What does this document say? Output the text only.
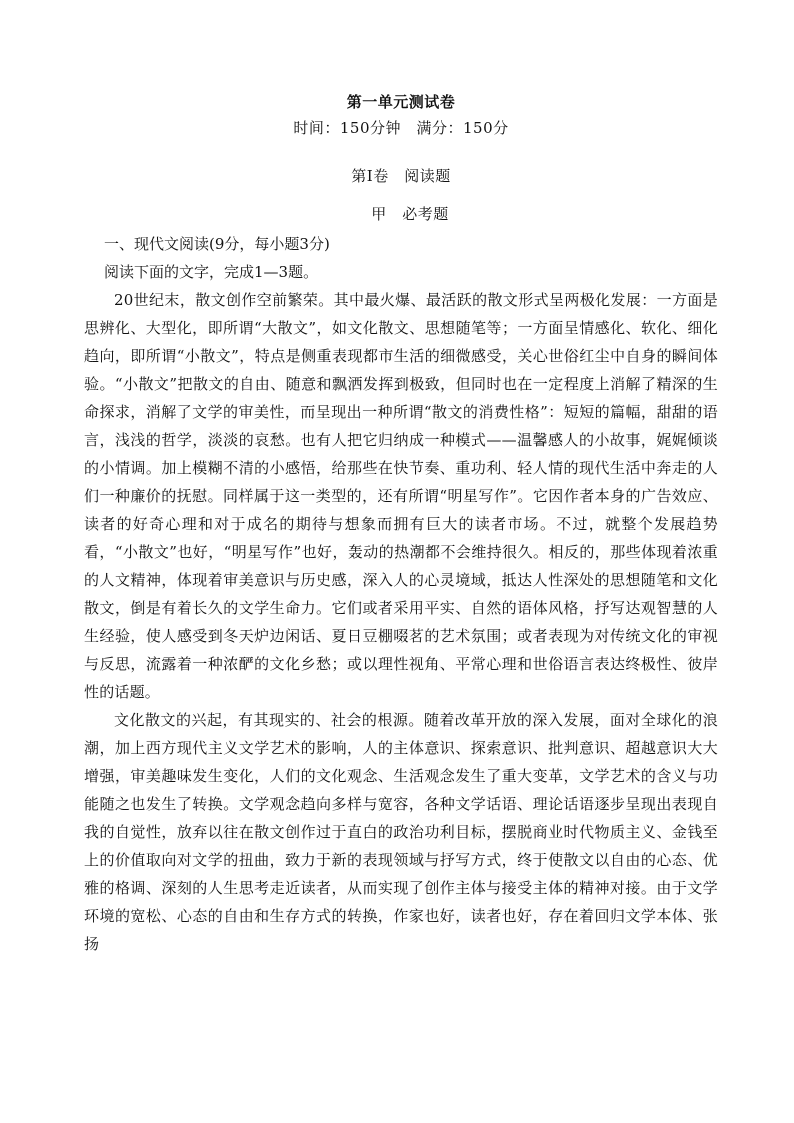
第一单元测试卷
时间：150分钟　满分：150分
第Ⅰ卷　阅读题
甲　必考题
一、现代文阅读(9分，每小题3分)
阅读下面的文字，完成1—3题。

20世纪末，散文创作空前繁荣。其中最火爆、最活跃的散文形式呈两极化发展：一方面是思辨化、大型化，即所谓“大散文”，如文化散文、思想随笔等；一方面呈情感化、软化、细化趋向，即所谓“小散文”，特点是侧重表现都市生活的细微感受，关心世俗红尘中自身的瞬间体验。“小散文”把散文的自由、随意和飘洒发挥到极致，但同时也在一定程度上消解了精深的生命探求，消解了文学的审美性，而呈现出一种所谓“散文的消费性格”：短短的篇幅，甜甜的语言，浅浅的哲学，淡淡的哀愁。也有人把它归纳成一种模式——温馨感人的小故事，娓娓倾谈的小情调。加上模糊不清的小感悟，给那些在快节奏、重功利、轻人情的现代生活中奔走的人们一种廉价的抚慰。同样属于这一类型的，还有所谓“明星写作”。它因作者本身的广告效应、读者的好奇心理和对于成名的期待与想象而拥有巨大的读者市场。不过，就整个发展趋势看，“小散文”也好，“明星写作”也好，轰动的热潮都不会维持很久。相反的，那些体现着浓重的人文精神，体现着审美意识与历史感，深入人的心灵境域，抵达人性深处的思想随笔和文化散文，倒是有着长久的文学生命力。它们或者采用平实、自然的语体风格，抒写达观智慧的人生经验，使人感受到冬天炉边闲话、夏日豆棚啜茗的艺术氛围；或者表现为对传统文化的审视与反思，流露着一种浓酽的文化乡愁；或以理性视角、平常心理和世俗语言表达终极性、彼岸性的话题。

文化散文的兴起，有其现实的、社会的根源。随着改革开放的深入发展，面对全球化的浪潮，加上西方现代主义文学艺术的影响，人的主体意识、探索意识、批判意识、超越意识大大增强，审美趣味发生变化，人们的文化观念、生活观念发生了重大变革，文学艺术的含义与功能随之也发生了转换。文学观念趋向多样与宽容，各种文学话语、理论话语逐步呈现出表现自我的自觉性，放弃以往在散文创作过于直白的政治功利目标，摆脱商业时代物质主义、金钱至上的价值取向对文学的扭曲，致力于新的表现领域与抒写方式，终于使散文以自由的心态、优雅的格调、深刻的人生思考走近读者，从而实现了创作主体与接受主体的精神对接。由于文学环境的宽松、心态的自由和生存方式的转换，作家也好，读者也好，存在着回归文学本体、张扬
